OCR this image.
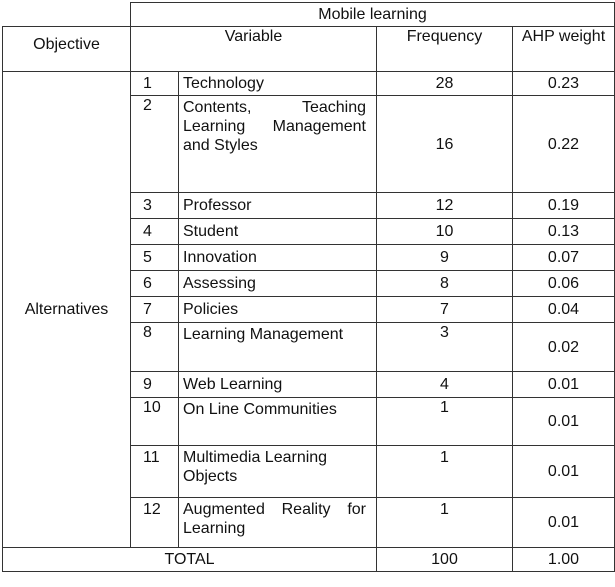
	Mobile learning			
Objective	Variable		Frequency	AHP weight
Alternatives	1	Technology	28	0.23
	2	Contents, Teaching Learning Management and Styles	16	0.22
	3	Professor	12	0.19
	4	Student	10	0.13
	5	Innovation	9	0.07
	6	Assessing	8	0.06
	7	Policies	7	0.04
	8	Learning Management	3	0.02
	9	Web Learning	4	0.01
	10	On Line Communities	1	0.01
	11	Multimedia Learning Objects	1	0.01
	12	Augmented Reality for Learning	1	0.01
TOTAL			100	1.00
